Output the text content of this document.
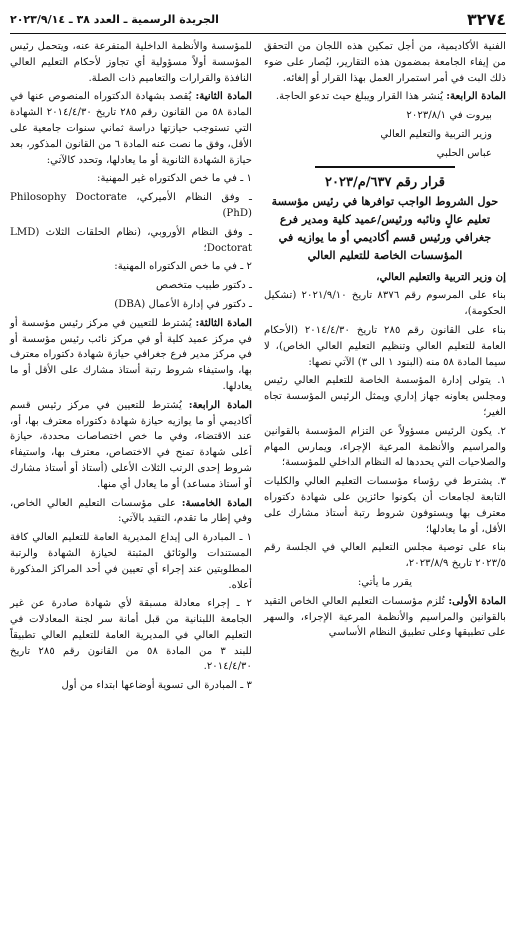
٣٢٧٤
الجريدة الرسمية ـ العدد ٣٨ ـ ٢٠٢٣/٩/١٤

الفنية الأكاديمية، من أجل تمكين هذه اللجان من التحقق من إيفاء الجامعة بمضمون هذه التقارير، ليُصار على ضوء ذلك البت في أمر استمرار العمل بهذا القرار أو إلغائه.

المادة الرابعة: يُنشر هذا القرار ويبلغ حيث تدعو الحاجة.

بيروت في ٢٠٢٣/٨/١

وزير التربية والتعليم العالي

عباس الحلبي

قرار رقم ٦٣٧/م/٢٠٢٣
حول الشروط الواجب توافرها في رئيس مؤسسة تعليم عالٍ ونائبه ورئيس/عميد كلية ومدير فرع جغرافي ورئيس قسم أكاديمي أو ما يوازيه في المؤسسات الخاصة للتعليم العالي

إن وزير التربية والتعليم العالي،

بناء على المرسوم رقم ٨٣٧٦ تاريخ ٢٠٢١/٩/١٠ (تشكيل الحكومة)،

بناء على القانون رقم ٢٨٥ تاريخ ٢٠١٤/٤/٣٠ (الأحكام العامة للتعليم العالي وتنظيم التعليم العالي الخاص)، لا سيما المادة ٥٨ منه (البنود ١ الى ٣) الآتي نصها:

١. يتولى إدارة المؤسسة الخاصة للتعليم العالي رئيس ومجلس يعاونه جهاز إداري ويمثل الرئيس المؤسسة تجاه الغير؛

٢. يكون الرئيس مسؤولاً عن التزام المؤسسة بالقوانين والمراسيم والأنظمة المرعية الإجراء، ويمارس المهام والصلاحيات التي يحددها له النظام الداخلي للمؤسسة؛

٣. يشترط في رؤساء مؤسسات التعليم العالي والكليات التابعة لجامعات أن يكونوا حائزين على شهادة دكتوراه معترف بها ويستوفون شروط رتبة أستاذ مشارك على الأقل، أو ما يعادلها؛

بناء على توصية مجلس التعليم العالي في الجلسة رقم ٢٠٢٣/٥ تاريخ ٢٠٢٣/٨/٩،

يقرر ما يأتي:

المادة الأولى: تُلزم مؤسسات التعليم العالي الخاص التقيد بالقوانين والمراسيم والأنظمة المرعية الإجراء، والسهر على تطبيقها وعلى تطبيق النظام الأساسي

للمؤسسة والأنظمة الداخلية المتفرعة عنه، ويتحمل رئيس المؤسسة أولاً مسؤولية أي تجاوز لأحكام التعليم العالي النافذة والقرارات والتعاميم ذات الصلة.

المادة الثانية: يُقصد بشهادة الدكتوراه المنصوص عنها في المادة ٥٨ من القانون رقم ٢٨٥ تاريخ ٢٠١٤/٤/٣٠ الشهادة التي تستوجب حيازتها دراسة ثماني سنوات جامعية على الأقل، وفق ما نصت عنه المادة ٦ من القانون المذكور، بعد حيازة الشهادة الثانوية أو ما يعادلها، وتحدد كالآتي:

١ ـ في ما خص الدكتوراه غير المهنية:

ـ وفق النظام الأميركي، Philosophy Doctorate (PhD)

ـ وفق النظام الأوروبي، (نظام الحلقات الثلاث LMD) Doctorat؛

٢ ـ في ما خص الدكتوراه المهنية:

ـ دكتور طبيب متخصص

ـ دكتور في إدارة الأعمال (DBA)

المادة الثالثة: يُشترط للتعيين في مركز رئيس مؤسسة أو في مركز عميد كلية أو في مركز نائب رئيس مؤسسة أو في مركز مدير فرع جغرافي حيازة شهادة دكتوراه معترف بها، واستيفاء شروط رتبة أستاذ مشارك على الأقل أو ما يعادلها.

المادة الرابعة: يُشترط للتعيين في مركز رئيس قسم أكاديمي أو ما يوازيه حيازة شهادة دكتوراه معترف بها، أو، عند الاقتضاء، وفي ما خص اختصاصات محددة، حيازة أعلى شهادة تمنح في الاختصاص، معترف بها، واستيفاء شروط إحدى الرتب الثلاث الأعلى (أستاذ أو أستاذ مشارك أو أستاذ مساعد) أو ما يعادل أي منها.

المادة الخامسة: على مؤسسات التعليم العالي الخاص، وفي إطار ما تقدم، التقيد بالآتي:

١ ـ المبادرة الى إيداع المديرية العامة للتعليم العالي كافة المستندات والوثائق المثبتة لحيازة الشهادة والرتبة المطلوبتين عند إجراء أي تعيين في أحد المراكز المذكورة أعلاه.

٢ ـ إجراء معادلة مسبقة لأي شهادة صادرة عن غير الجامعة اللبنانية من قبل أمانة سر لجنة المعادلات في التعليم العالي في المديرية العامة للتعليم العالي تطبيقاً للبند ٣ من المادة ٥٨ من القانون رقم ٢٨٥ تاريخ ٢٠١٤/٤/٣٠.

٣ ـ المبادرة الى تسوية أوضاعها ابتداء من أول
